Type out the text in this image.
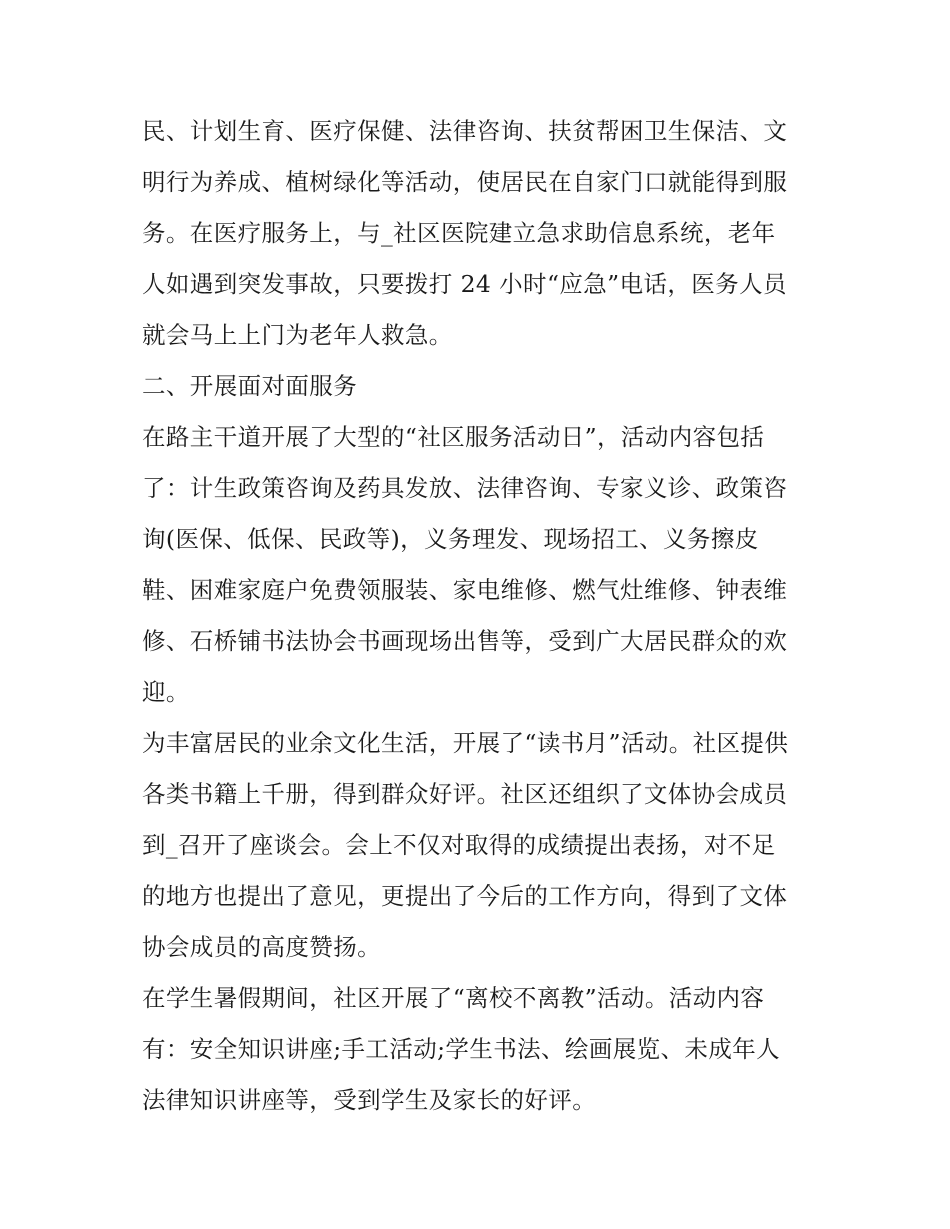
民、计划生育、医疗保健、法律咨询、扶贫帮困卫生保洁、文
明行为养成、植树绿化等活动，使居民在自家门口就能得到服
务。在医疗服务上，与_社区医院建立急求助信息系统，老年
人如遇到突发事故，只要拨打 24 小时“应急”电话，医务人员
就会马上上门为老年人救急。
二、开展面对面服务
在路主干道开展了大型的“社区服务活动日”，活动内容包括
了：计生政策咨询及药具发放、法律咨询、专家义诊、政策咨
询(医保、低保、民政等)，义务理发、现场招工、义务擦皮
鞋、困难家庭户免费领服装、家电维修、燃气灶维修、钟表维
修、石桥铺书法协会书画现场出售等，受到广大居民群众的欢
迎。
为丰富居民的业余文化生活，开展了“读书月”活动。社区提供
各类书籍上千册，得到群众好评。社区还组织了文体协会成员
到_召开了座谈会。会上不仅对取得的成绩提出表扬，对不足
的地方也提出了意见，更提出了今后的工作方向，得到了文体
协会成员的高度赞扬。
在学生暑假期间，社区开展了“离校不离教”活动。活动内容
有：安全知识讲座;手工活动;学生书法、绘画展览、未成年人
法律知识讲座等，受到学生及家长的好评。
